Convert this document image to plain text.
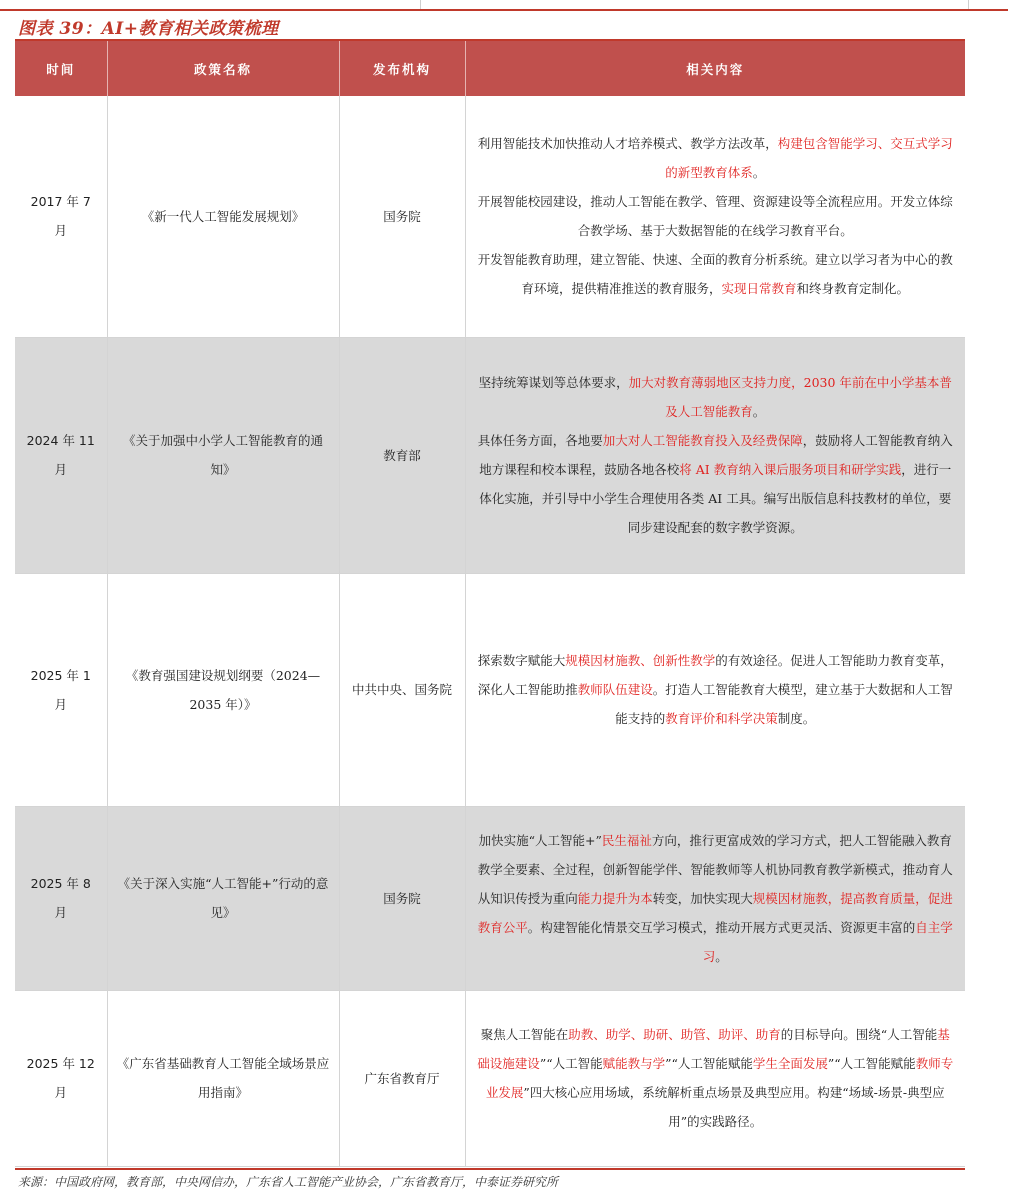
图表 39：AI+教育相关政策梳理
时间	政策名称	发布机构	相关内容
2017 年 7 月	《新一代人工智能发展规划》	国务院	利用智能技术加快推动人才培养模式、教学方法改革，构建包含智能学习、交互式学习的新型教育体系。
开展智能校园建设，推动人工智能在教学、管理、资源建设等全流程应用。开发立体综合教学场、基于大数据智能的在线学习教育平台。
开发智能教育助理，建立智能、快速、全面的教育分析系统。建立以学习者为中心的教育环境，提供精准推送的教育服务，实现日常教育和终身教育定制化。

2024 年 11 月	《关于加强中小学人工智能教育的通知》	教育部	坚持统筹谋划等总体要求，加大对教育薄弱地区支持力度，2030 年前在中小学基本普及人工智能教育。
具体任务方面，各地要加大对人工智能教育投入及经费保障，鼓励将人工智能教育纳入地方课程和校本课程，鼓励各地各校将 AI 教育纳入课后服务项目和研学实践，进行一体化实施，并引导中小学生合理使用各类 AI 工具。编写出版信息科技教材的单位，要同步建设配套的数字教学资源。

2025 年 1 月	《教育强国建设规划纲要（2024—2035 年）》	中共中央、国务院	探索数字赋能大规模因材施教、创新性教学的有效途径。促进人工智能助力教育变革，深化人工智能助推教师队伍建设。打造人工智能教育大模型，建立基于大数据和人工智能支持的教育评价和科学决策制度。

2025 年 8 月	《关于深入实施“人工智能+”行动的意见》	国务院	加快实施“人工智能+”民生福祉方向，推行更富成效的学习方式，把人工智能融入教育教学全要素、全过程，创新智能学伴、智能教师等人机协同教育教学新模式，推动育人从知识传授为重向能力提升为本转变，加快实现大规模因材施教，提高教育质量，促进教育公平。构建智能化情景交互学习模式，推动开展方式更灵活、资源更丰富的自主学习。

2025 年 12 月	《广东省基础教育人工智能全域场景应用指南》	广东省教育厅	聚焦人工智能在助教、助学、助研、助管、助评、助育的目标导向。围绕“人工智能基础设施建设”“人工智能赋能教与学”“人工智能赋能学生全面发展”“人工智能赋能教师专业发展”四大核心应用场域，系统解析重点场景及典型应用。构建“场域-场景-典型应用”的实践路径。
来源：中国政府网，教育部，中央网信办，广东省人工智能产业协会，广东省教育厅，中泰证券研究所
